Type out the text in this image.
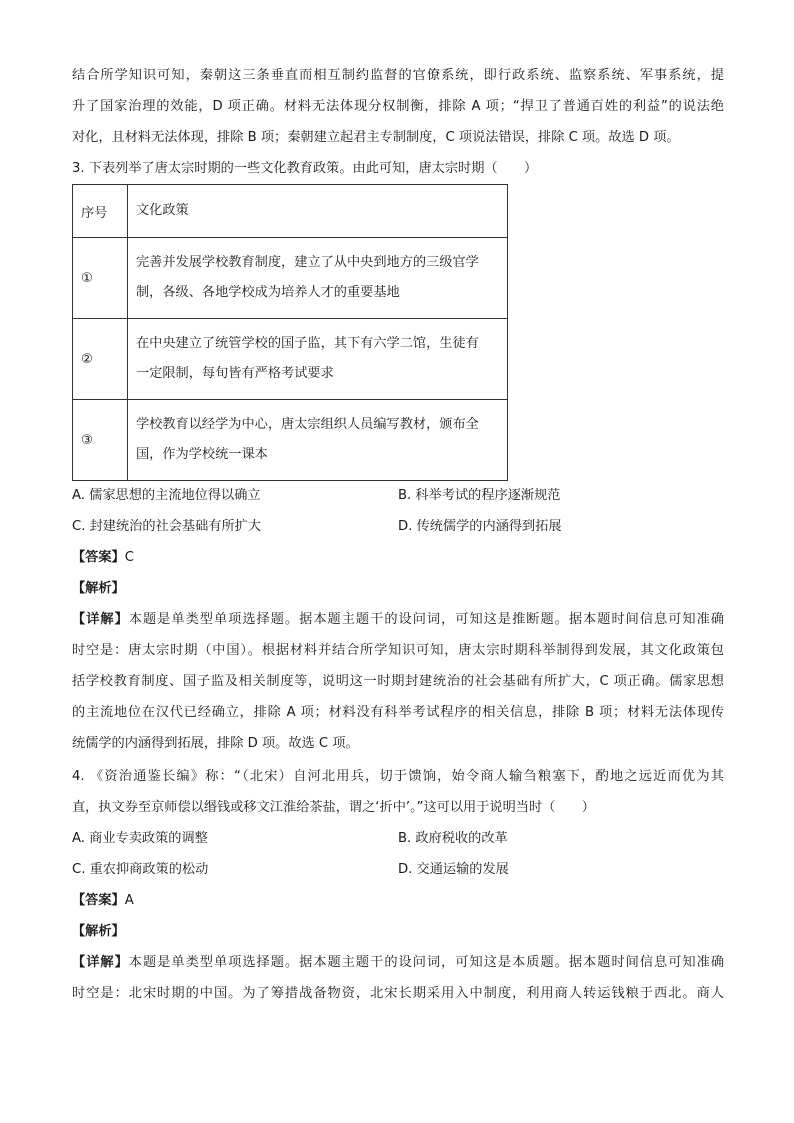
结合所学知识可知，秦朝这三条垂直而相互制约监督的官僚系统，即行政系统、监察系统、军事系统，提
升了国家治理的效能，D 项正确。材料无法体现分权制衡，排除 A 项；“捍卫了普通百姓的利益”的说法绝
对化，且材料无法体现，排除 B 项；秦朝建立起君主专制制度，C 项说法错误，排除 C 项。故选 D 项。
3. 下表列举了唐太宗时期的一些文化教育政策。由此可知，唐太宗时期（　　）
序号	文化政策
①	完善并发展学校教育制度，建立了从中央到地方的三级官学
制，各级、各地学校成为培养人才的重要基地

②	在中央建立了统管学校的国子监，其下有六学二馆，生徒有
一定限制，每旬皆有严格考试要求

③	学校教育以经学为中心，唐太宗组织人员编写教材，颁布全
国，作为学校统一课本
A. 儒家思想的主流地位得以确立	B. 科举考试的程序逐渐规范
C. 封建统治的社会基础有所扩大	D. 传统儒学的内涵得到拓展
【答案】C
【解析】
【详解】本题是单类型单项选择题。据本题主题干的设问词，可知这是推断题。据本题时间信息可知准确
时空是：唐太宗时期（中国）。根据材料并结合所学知识可知，唐太宗时期科举制得到发展，其文化政策包
括学校教育制度、国子监及相关制度等，说明这一时期封建统治的社会基础有所扩大，C 项正确。儒家思想
的主流地位在汉代已经确立，排除 A 项；材料没有科举考试程序的相关信息，排除 B 项；材料无法体现传
统儒学的内涵得到拓展，排除 D 项。故选 C 项。
4. 《资治通鉴长编》称：“（北宋）自河北用兵，切于馈饷，始令商人输刍粮塞下，酌地之远近而优为其
直，执文券至京师偿以缗钱或移文江淮给茶盐，谓之‘折中’。”这可以用于说明当时（　　）
A. 商业专卖政策的调整	B. 政府税收的改革
C. 重农抑商政策的松动	D. 交通运输的发展
【答案】A
【解析】
【详解】本题是单类型单项选择题。据本题主题干的设问词，可知这是本质题。据本题时间信息可知准确
时空是：北宋时期的中国。为了筹措战备物资，北宋长期采用入中制度，利用商人转运钱粮于西北。商人
